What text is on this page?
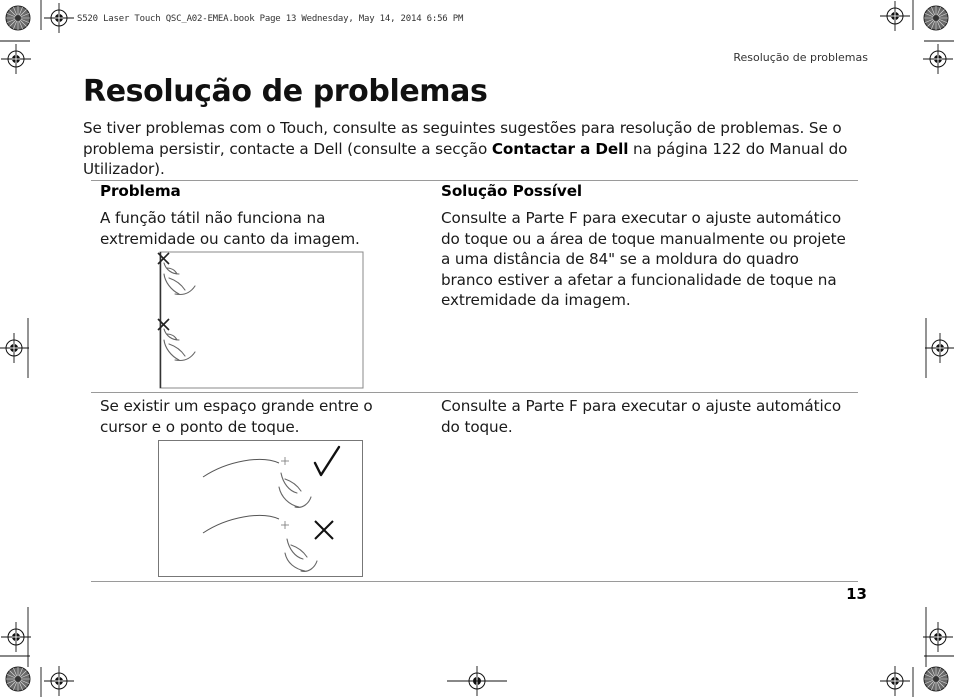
S520 Laser Touch QSC_A02-EMEA.book Page 13 Wednesday, May 14, 2014 6:56 PM
Resolução de problemas
Resolução de problemas

Se tiver problemas com o Touch, consulte as seguintes sugestões para resolução de problemas. Se o problema persistir, contacte a Dell (consulte a secção Contactar a Dell na página 122 do Manual do Utilizador).

Problema	Solução Possível
A função tátil não funciona na extremidade ou canto da imagem.
Consulte a Parte F para executar o ajuste automático do toque ou a área de toque manualmente ou projete a uma distância de 84" se a moldura do quadro branco estiver a afetar a funcionalidade de toque na extremidade da imagem.
Se existir um espaço grande entre o cursor e o ponto de toque.
Consulte a Parte F para executar o ajuste automático do toque.
13
